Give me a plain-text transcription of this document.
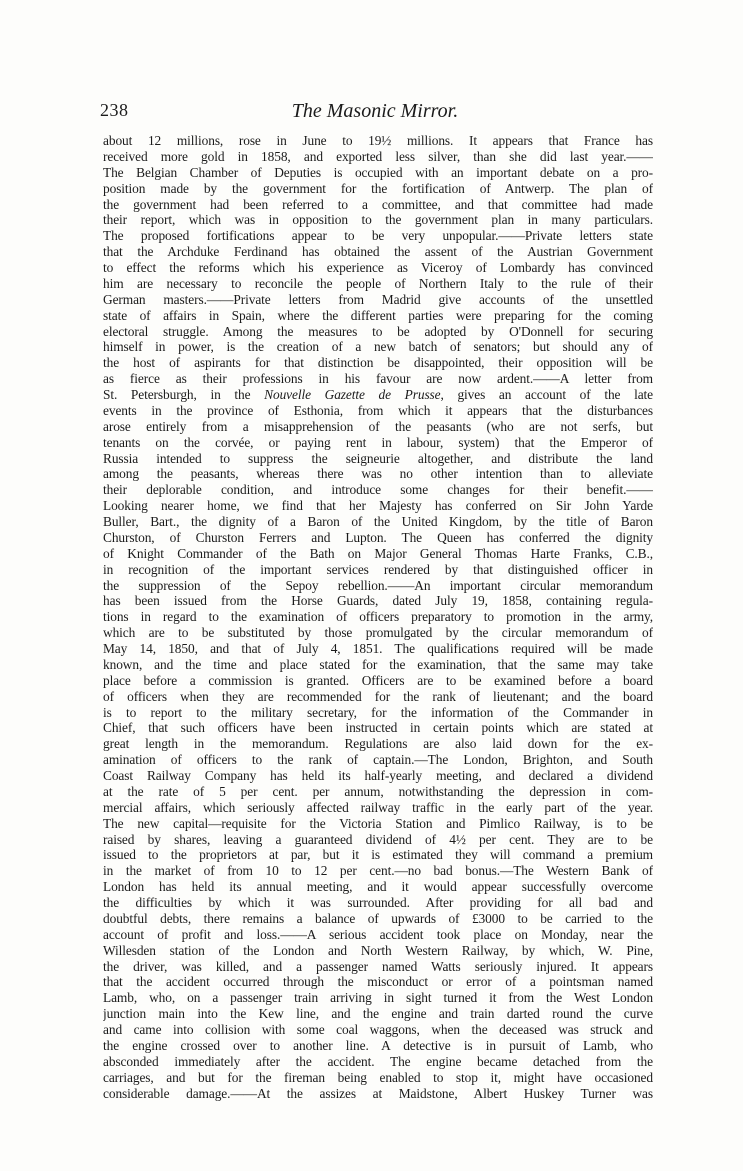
238	The Masonic Mirror.
about 12 millions, rose in June to 19½ millions. It appears that France has
received more gold in 1858, and exported less silver, than she did last year.——
The Belgian Chamber of Deputies is occupied with an important debate on a pro-
position made by the government for the fortification of Antwerp. The plan of
the government had been referred to a committee, and that committee had made
their report, which was in opposition to the government plan in many particulars.
The proposed fortifications appear to be very unpopular.——Private letters state
that the Archduke Ferdinand has obtained the assent of the Austrian Government
to effect the reforms which his experience as Viceroy of Lombardy has convinced
him are necessary to reconcile the people of Northern Italy to the rule of their
German masters.——Private letters from Madrid give accounts of the unsettled
state of affairs in Spain, where the different parties were preparing for the coming
electoral struggle. Among the measures to be adopted by O'Donnell for securing
himself in power, is the creation of a new batch of senators; but should any of
the host of aspirants for that distinction be disappointed, their opposition will be
as fierce as their professions in his favour are now ardent.——A letter from
St. Petersburgh, in the Nouvelle Gazette de Prusse, gives an account of the late
events in the province of Esthonia, from which it appears that the disturbances
arose entirely from a misapprehension of the peasants (who are not serfs, but
tenants on the corvée, or paying rent in labour, system) that the Emperor of
Russia intended to suppress the seigneurie altogether, and distribute the land
among the peasants, whereas there was no other intention than to alleviate
their deplorable condition, and introduce some changes for their benefit.——
Looking nearer home, we find that her Majesty has conferred on Sir John Yarde
Buller, Bart., the dignity of a Baron of the United Kingdom, by the title of Baron
Churston, of Churston Ferrers and Lupton. The Queen has conferred the dignity
of Knight Commander of the Bath on Major General Thomas Harte Franks, C.B.,
in recognition of the important services rendered by that distinguished officer in
the suppression of the Sepoy rebellion.——An important circular memorandum
has been issued from the Horse Guards, dated July 19, 1858, containing regula-
tions in regard to the examination of officers preparatory to promotion in the army,
which are to be substituted by those promulgated by the circular memorandum of
May 14, 1850, and that of July 4, 1851. The qualifications required will be made
known, and the time and place stated for the examination, that the same may take
place before a commission is granted. Officers are to be examined before a board
of officers when they are recommended for the rank of lieutenant; and the board
is to report to the military secretary, for the information of the Commander in
Chief, that such officers have been instructed in certain points which are stated at
great length in the memorandum. Regulations are also laid down for the ex-
amination of officers to the rank of captain.—The London, Brighton, and South
Coast Railway Company has held its half-yearly meeting, and declared a dividend
at the rate of 5 per cent. per annum, notwithstanding the depression in com-
mercial affairs, which seriously affected railway traffic in the early part of the year.
The new capital—requisite for the Victoria Station and Pimlico Railway, is to be
raised by shares, leaving a guaranteed dividend of 4½ per cent. They are to be
issued to the proprietors at par, but it is estimated they will command a premium
in the market of from 10 to 12 per cent.—no bad bonus.—The Western Bank of
London has held its annual meeting, and it would appear successfully overcome
the difficulties by which it was surrounded. After providing for all bad and
doubtful debts, there remains a balance of upwards of £3000 to be carried to the
account of profit and loss.——A serious accident took place on Monday, near the
Willesden station of the London and North Western Railway, by which, W. Pine,
the driver, was killed, and a passenger named Watts seriously injured. It appears
that the accident occurred through the misconduct or error of a pointsman named
Lamb, who, on a passenger train arriving in sight turned it from the West London
junction main into the Kew line, and the engine and train darted round the curve
and came into collision with some coal waggons, when the deceased was struck and
the engine crossed over to another line. A detective is in pursuit of Lamb, who
absconded immediately after the accident. The engine became detached from the
carriages, and but for the fireman being enabled to stop it, might have occasioned
considerable damage.——At the assizes at Maidstone, Albert Huskey Turner was
